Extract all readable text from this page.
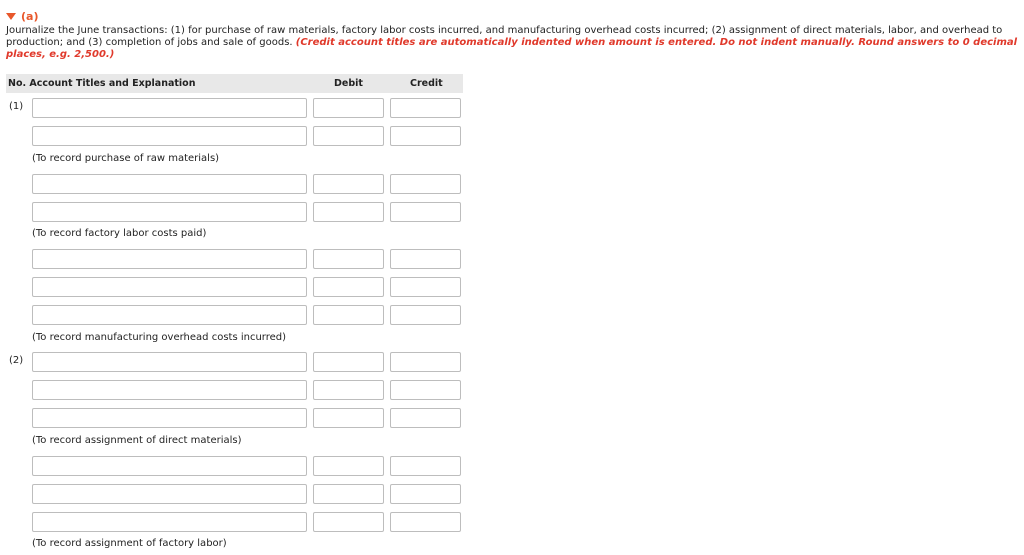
(a)
Journalize the June transactions: (1) for purchase of raw materials, factory labor costs incurred, and manufacturing overhead costs incurred; (2) assignment of direct materials, labor, and overhead to production; and (3) completion of jobs and sale of goods. (Credit account titles are automatically indented when amount is entered. Do not indent manually. Round answers to 0 decimal places, e.g. 2,500.)
No. Account Titles and Explanation	Debit	Credit
(1)
(To record purchase of raw materials)
(To record factory labor costs paid)
(To record manufacturing overhead costs incurred)
(2)
(To record assignment of direct materials)
(To record assignment of factory labor)
